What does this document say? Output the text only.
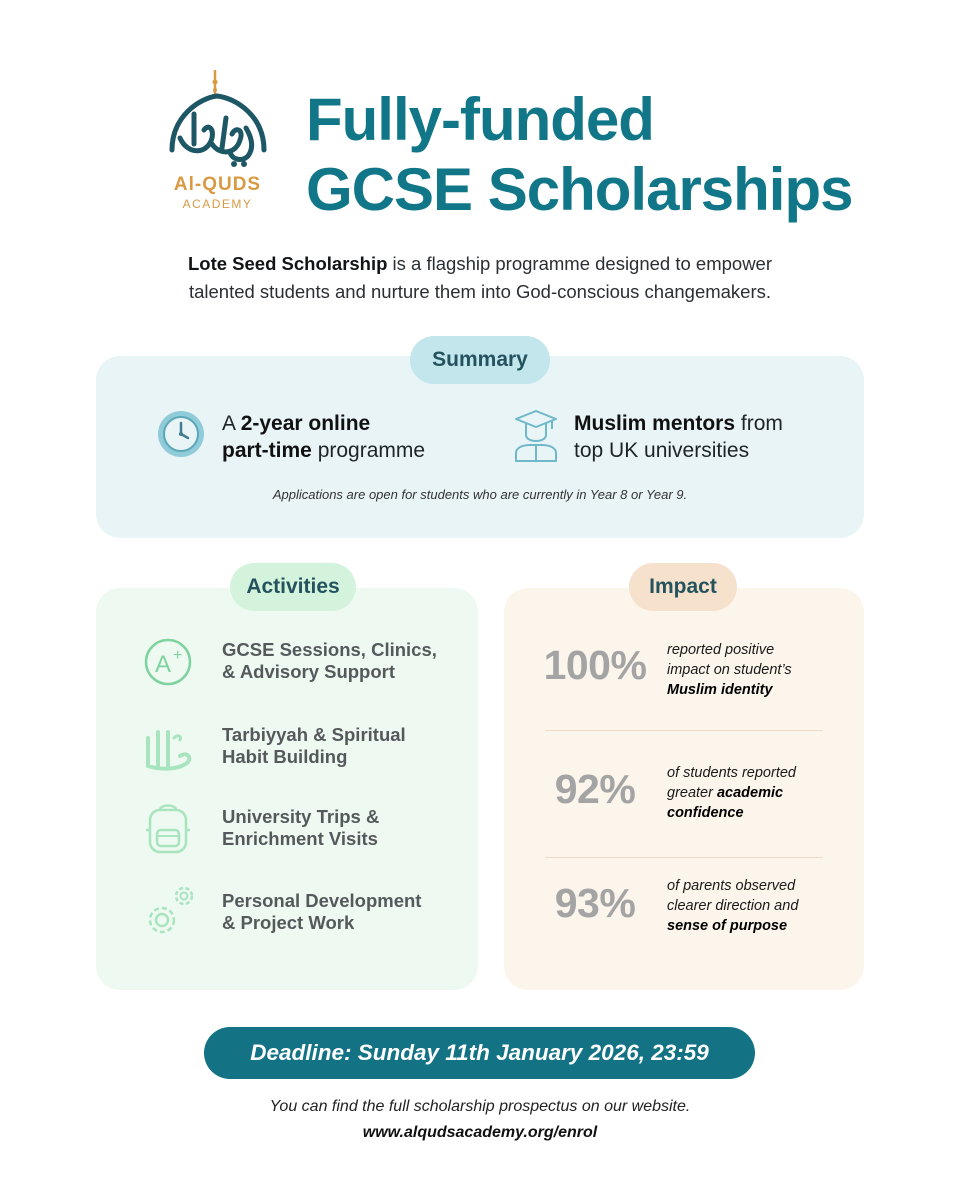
Al-QUDS
ACADEMY
Fully-funded
GCSE Scholarships
Lote Seed Scholarship is a flagship programme designed to empower
talented students and nurture them into God-conscious changemakers.
Summary
A 2-year online
part-time programme
Muslim mentors from
top UK universities
Applications are open for students who are currently in Year 8 or Year 9.
Activities
A + GCSE Sessions, Clinics,
& Advisory Support
Tarbiyyah & Spiritual
Habit Building
University Trips &
Enrichment Visits
Personal Development
& Project Work
Impact
100%	reported positive
impact on student’s
Muslim identity
92%	of students reported
greater academic
confidence
93%	of parents observed
clearer direction and
sense of purpose
Deadline: Sunday 11th January 2026, 23:59
You can find the full scholarship prospectus on our website.
www.alqudsacademy.org/enrol
